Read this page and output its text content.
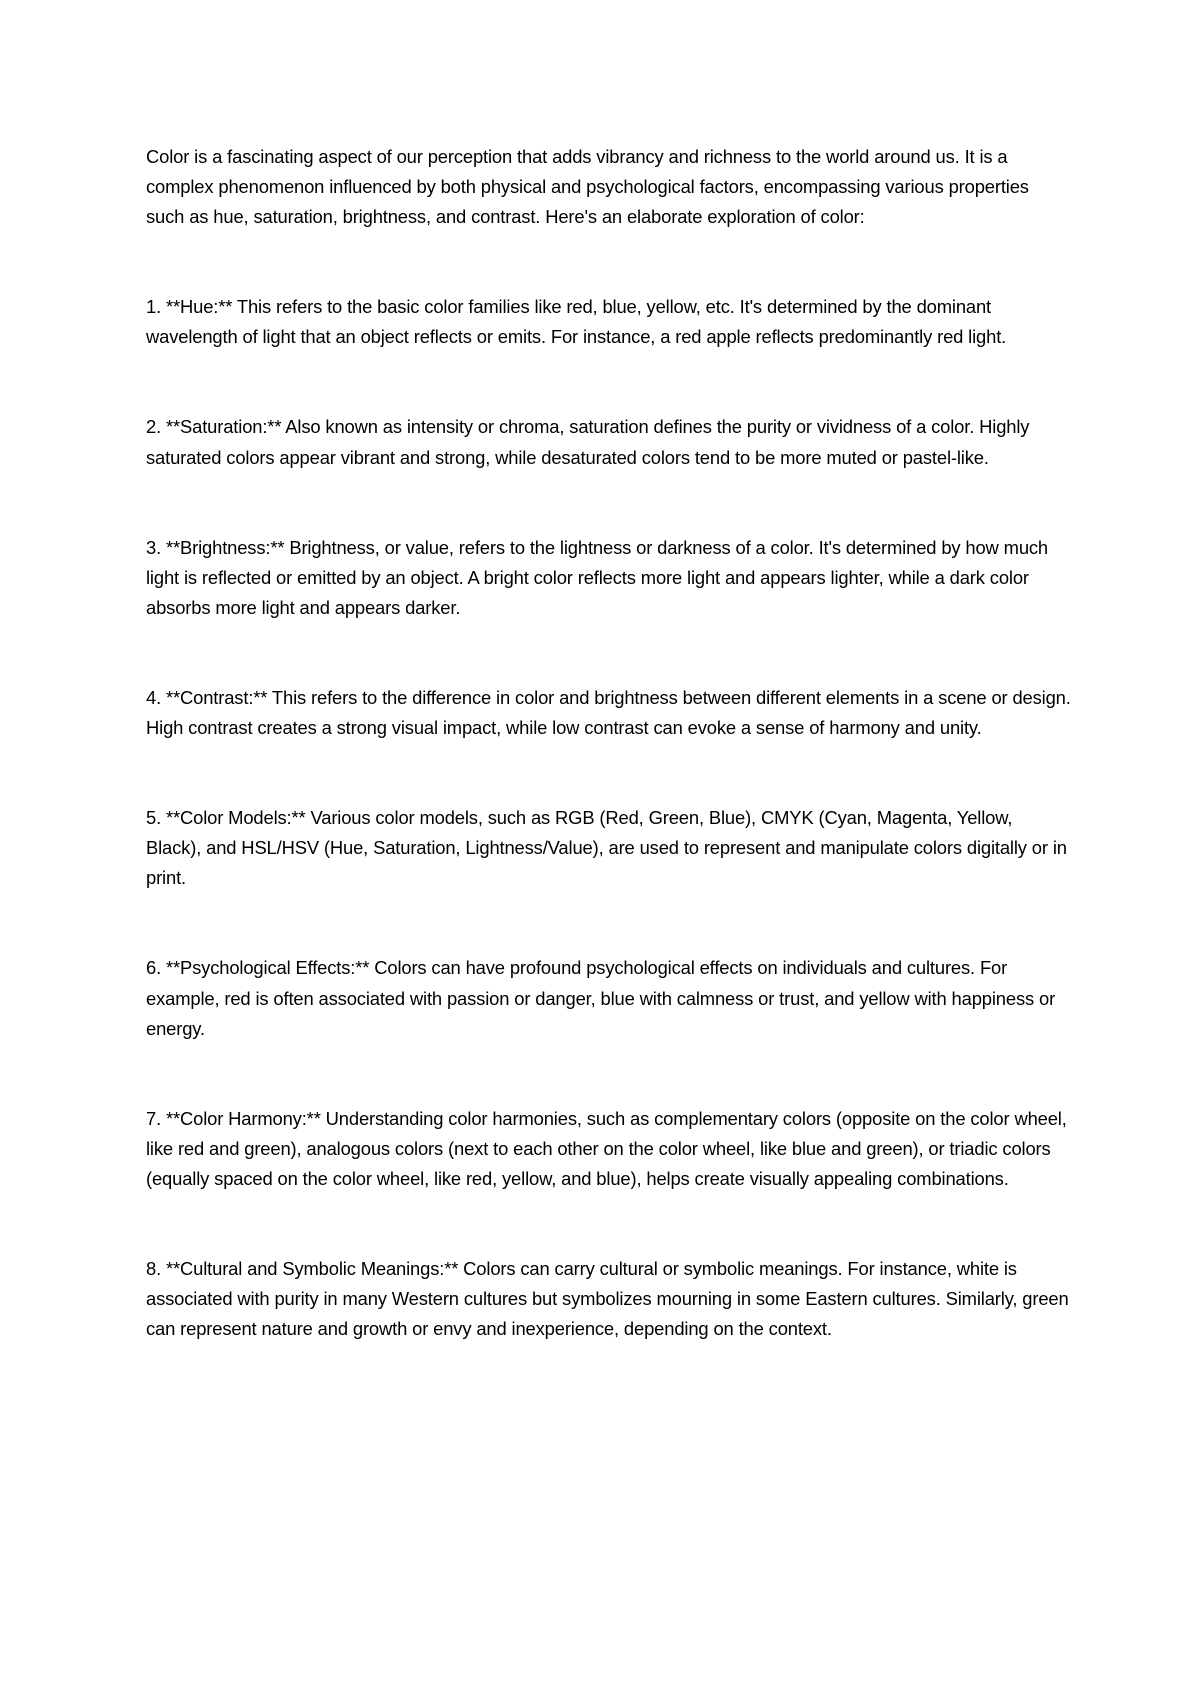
Color is a fascinating aspect of our perception that adds vibrancy and richness to the world around us. It is a complex phenomenon influenced by both physical and psychological factors, encompassing various properties such as hue, saturation, brightness, and contrast. Here's an elaborate exploration of color:

1. **Hue:** This refers to the basic color families like red, blue, yellow, etc. It's determined by the dominant wavelength of light that an object reflects or emits. For instance, a red apple reflects predominantly red light.

2. **Saturation:** Also known as intensity or chroma, saturation defines the purity or vividness of a color. Highly saturated colors appear vibrant and strong, while desaturated colors tend to be more muted or pastel-like.

3. **Brightness:** Brightness, or value, refers to the lightness or darkness of a color. It's determined by how much light is reflected or emitted by an object. A bright color reflects more light and appears lighter, while a dark color absorbs more light and appears darker.

4. **Contrast:** This refers to the difference in color and brightness between different elements in a scene or design. High contrast creates a strong visual impact, while low contrast can evoke a sense of harmony and unity.

5. **Color Models:** Various color models, such as RGB (Red, Green, Blue), CMYK (Cyan, Magenta, Yellow, Black), and HSL/HSV (Hue, Saturation, Lightness/Value), are used to represent and manipulate colors digitally or in print.

6. **Psychological Effects:** Colors can have profound psychological effects on individuals and cultures. For example, red is often associated with passion or danger, blue with calmness or trust, and yellow with happiness or energy.

7. **Color Harmony:** Understanding color harmonies, such as complementary colors (opposite on the color wheel, like red and green), analogous colors (next to each other on the color wheel, like blue and green), or triadic colors (equally spaced on the color wheel, like red, yellow, and blue), helps create visually appealing combinations.

8. **Cultural and Symbolic Meanings:** Colors can carry cultural or symbolic meanings. For instance, white is associated with purity in many Western cultures but symbolizes mourning in some Eastern cultures. Similarly, green can represent nature and growth or envy and inexperience, depending on the context.
